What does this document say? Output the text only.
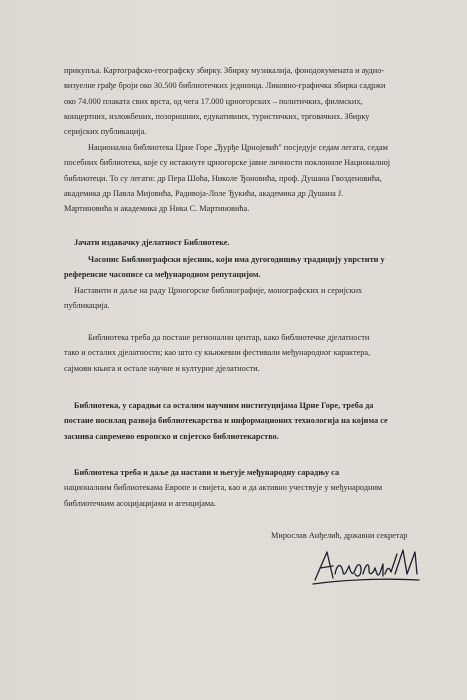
прикупља. Картографско-географску збирку. Збирку музикалија, фонодокумената и аудио-
визуелне грађе броји око 30.500 библиотечких јединица. Ликовно-графичка збирка садржи
око 74.000 плаката свих врста, од чега 17.000 црногорских – политичких, филмских,
концертних, изложбених, позоришних, едукативних, туристичких, трговачких. Збирку
серијских публикација.
Национална библиотека Црне Горе „Ђурђе Црнојевић" посједује седам легата, седам
посебних библиотека, које су истакнуте црногорске јавне личности поклониле Националној
библиотеци. То су легати: др Пера Шоћа, Николе Ђоновића, проф. Душана Гвозденовића,
академика др Павла Мијовића, Радивоја-Лоле Ђукића, академика др Душана Ј.
Мартиновића и академика др Ника С. Мартиновића.
Јачати издавачку дјелатност Библиотеке.
Часопис Библиографски вјесник, који има дугогодишњу традицију уврстити у
референсне часописе са међународном репутацијом.
Наставити и даље на раду Црногорске библиографије, монографских и серијских
публикација.
Библиотека треба да постане регионални центар, како библиотечке дјелатности
тако и осталих дјелатности; као што су књижевни фестивали међународног карактера,
сајмови књига и остале научне и културне дјелатности.
Библиотека, у сарадњи са осталим научним институцијама Црне Горе, треба да
постане носилац развоја библиотекарства и информационих технологија на којима се
заснива савремено европско и свјетско библиотекарство.
Библиотека треба и даље да настави и његује међународну сарадњу са
националним библиотекама Европе и свијета, као и да активно учествује у међународним
библиотечким асоцијацијама и агенцијама.
Мирослав Анђелић, државни секретар
